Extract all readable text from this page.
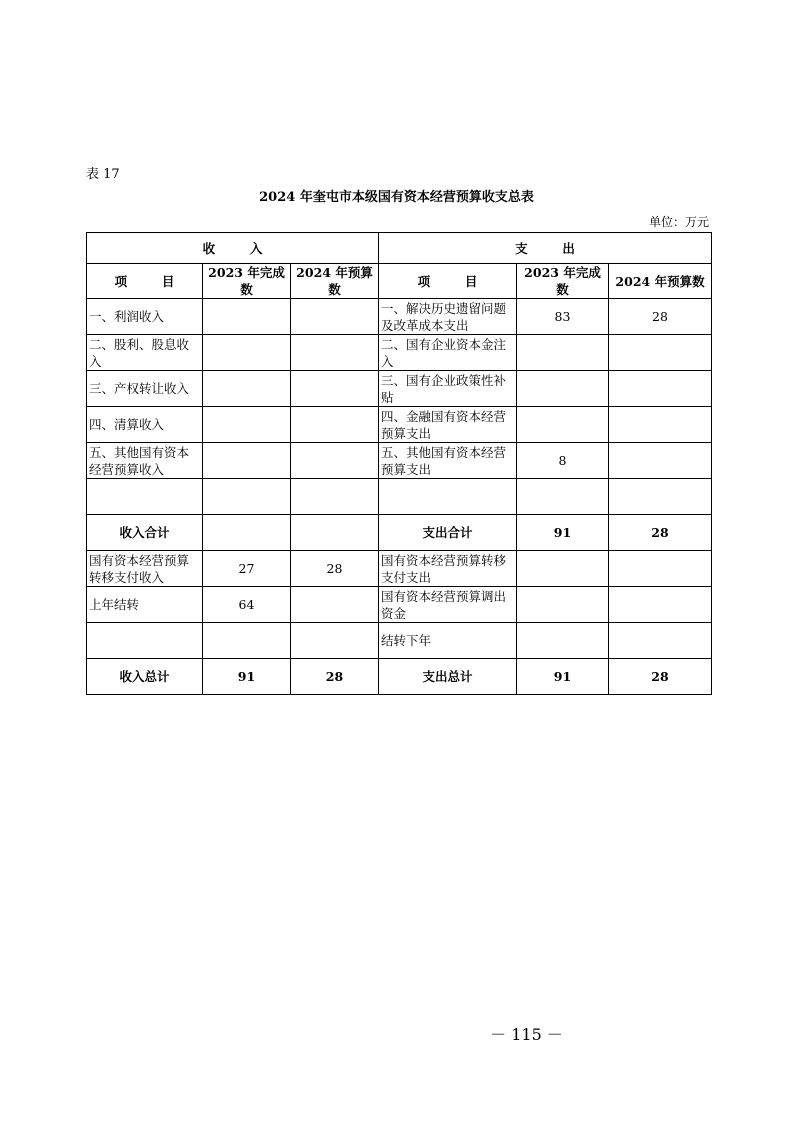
表 17
2024 年奎屯市本级国有资本经营预算收支总表
单位：万元
收        入			支        出		
项        目	2023 年完成数	2024 年预算数	项        目	2023 年完成数	2024 年预算数
一、利润收入			一、解决历史遗留问题及改革成本支出	83	28
二、股利、股息收入			二、国有企业资本金注入		
三、产权转让收入			三、国有企业政策性补贴		
四、清算收入			四、金融国有资本经营预算支出		
五、其他国有资本经营预算收入			五、其他国有资本经营预算支出	8	

收入合计			支出合计	91	28
国有资本经营预算转移支付收入	27	28	国有资本经营预算转移支付支出		
上年结转	64		国有资本经营预算调出资金		
			结转下年		
收入总计	91	28	支出总计	91	28
－ 115 －
